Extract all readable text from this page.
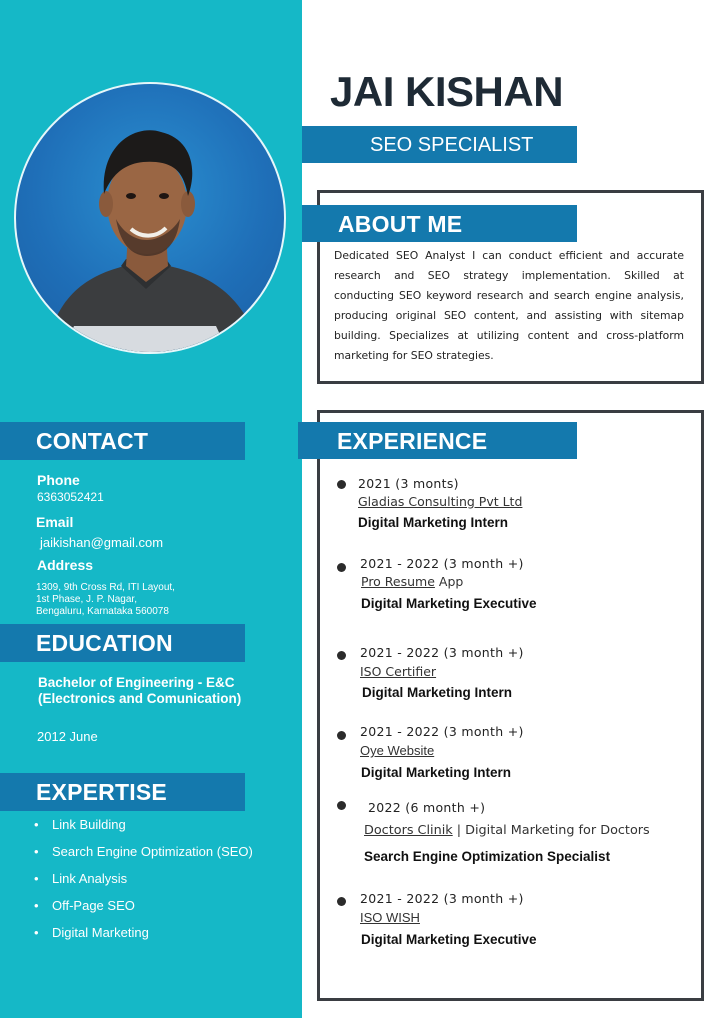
CONTACT
Phone
6363052421
Email
jaikishan@gmail.com
Address
1309, 9th Cross Rd, ITI Layout,
1st Phase, J. P. Nagar,
Bengaluru, Karnataka 560078
EDUCATION
Bachelor of Engineering - E&C
(Electronics and Comunication)
2012 June
EXPERTISE
• Link Building
• Search Engine Optimization (SEO)
• Link Analysis
• Off-Page SEO
• Digital Marketing
JAI KISHAN
SEO SPECIALIST
ABOUT ME
Dedicated SEO Analyst I can conduct efficient and accurate research and SEO strategy implementation. Skilled at conducting SEO keyword research and search engine analysis, producing original SEO content, and assisting with sitemap building. Specializes at utilizing content and cross-platform marketing for SEO strategies.
EXPERIENCE
2021 (3 monts)
Gladias Consulting Pvt Ltd
Digital Marketing Intern
2021 - 2022 (3 month +)
Pro Resume App
Digital Marketing Executive
2021 - 2022 (3 month +)
ISO Certifier
Digital Marketing Intern
2021 - 2022 (3 month +)
Oye Website
Digital Marketing Intern
2022 (6 month +)
Doctors Clinik | Digital Marketing for Doctors
Search Engine Optimization Specialist
2021 - 2022 (3 month +)
ISO WISH
Digital Marketing Executive
